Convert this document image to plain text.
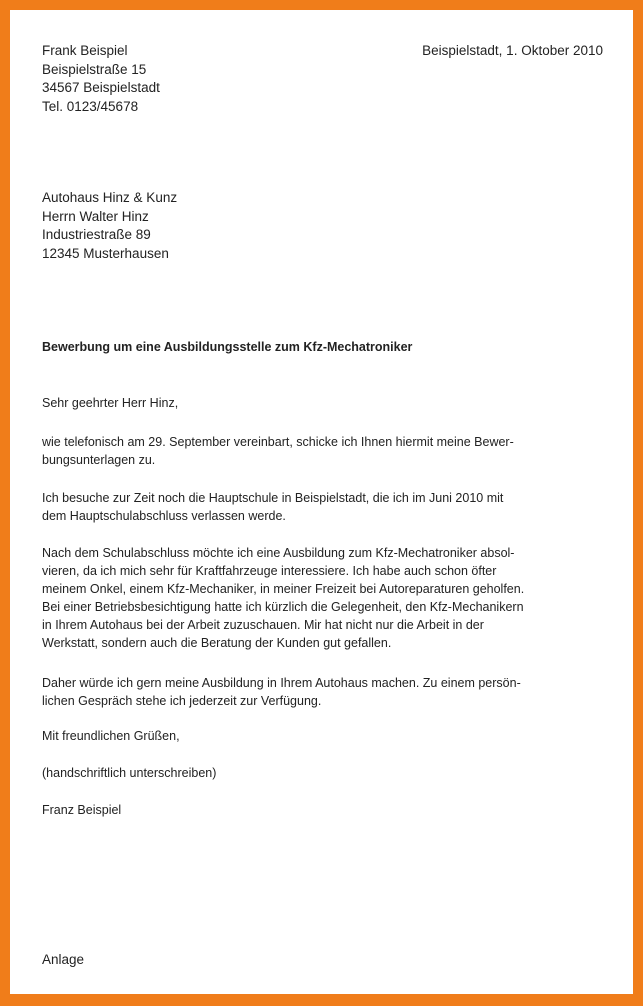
Frank Beispiel
Beispielstraße 15
34567 Beispielstadt
Tel. 0123/45678
Beispielstadt, 1. Oktober 2010
Autohaus Hinz & Kunz
Herrn Walter Hinz
Industriestraße 89
12345 Musterhausen
Bewerbung um eine Ausbildungsstelle zum Kfz-Mechatroniker
Sehr geehrter Herr Hinz,
wie telefonisch am 29. September vereinbart, schicke ich Ihnen hiermit meine Bewer-
bungsunterlagen zu.
Ich besuche zur Zeit noch die Hauptschule in Beispielstadt, die ich im Juni 2010 mit
dem Hauptschulabschluss verlassen werde.
Nach dem Schulabschluss möchte ich eine Ausbildung zum Kfz-Mechatroniker absol-
vieren, da ich mich sehr für Kraftfahrzeuge interessiere. Ich habe auch schon öfter
meinem Onkel, einem Kfz-Mechaniker, in meiner Freizeit bei Autoreparaturen geholfen.
Bei einer Betriebsbesichtigung hatte ich kürzlich die Gelegenheit, den Kfz-Mechanikern
in Ihrem Autohaus bei der Arbeit zuzuschauen. Mir hat nicht nur die Arbeit in der
Werkstatt, sondern auch die Beratung der Kunden gut gefallen.
Daher würde ich gern meine Ausbildung in Ihrem Autohaus machen. Zu einem persön-
lichen Gespräch stehe ich jederzeit zur Verfügung.
Mit freundlichen Grüßen,
(handschriftlich unterschreiben)
Franz Beispiel
Anlage
